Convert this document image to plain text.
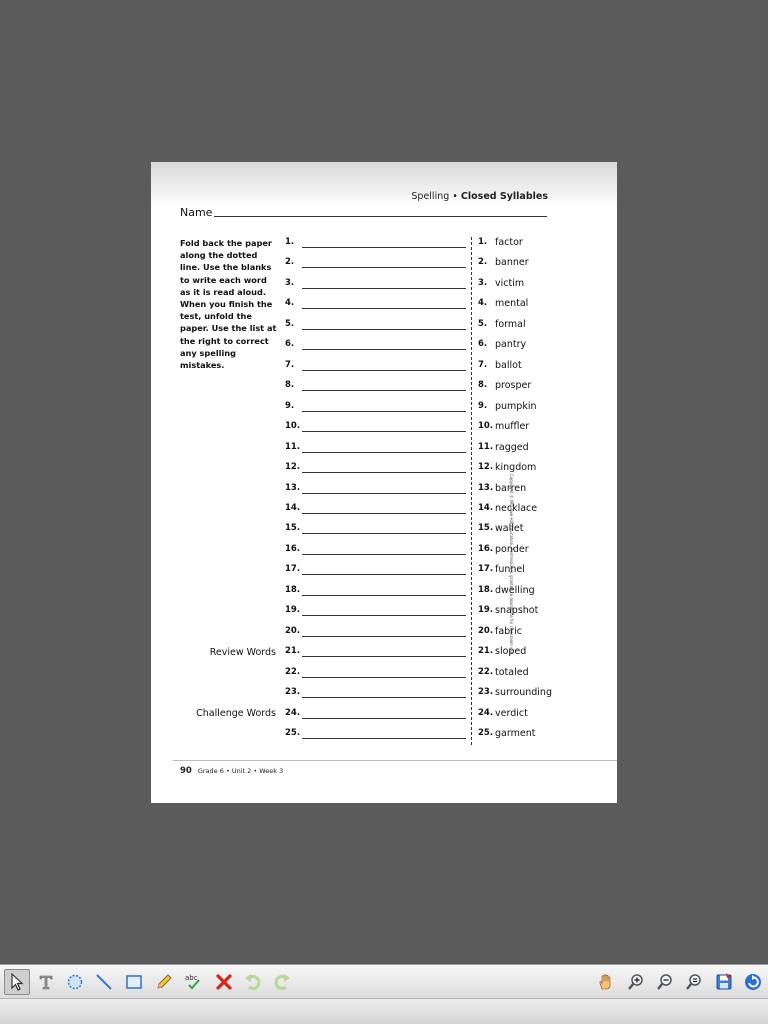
Spelling • Closed Syllables
Name
Fold back the paper along the dotted line. Use the blanks to write each word as it is read aloud. When you finish the test, unfold the paper. Use the list at the right to correct any spelling mistakes.
Review Words
Challenge Words
1.	1. factor
2.	2. banner
3.	3. victim
4.	4. mental
5.	5. formal
6.	6. pantry
7.	7. ballot
8.	8. prosper
9.	9. pumpkin
10.	10. muffler
11.	11. ragged
12.	12. kingdom
13.	13. barren
14.	14. necklace
15.	15. wallet
16.	16. ponder
17.	17. funnel
18.	18. dwelling
19.	19. snapshot
20.	20. fabric
21.	21. sloped
22.	22. totaled
23.	23. surrounding
24.	24. verdict
25.	25. garment
Copyright © McGraw-Hill Education. Permission is granted to reproduce for classroom use.
90 Grade 6 • Unit 2 • Week 3
abc
